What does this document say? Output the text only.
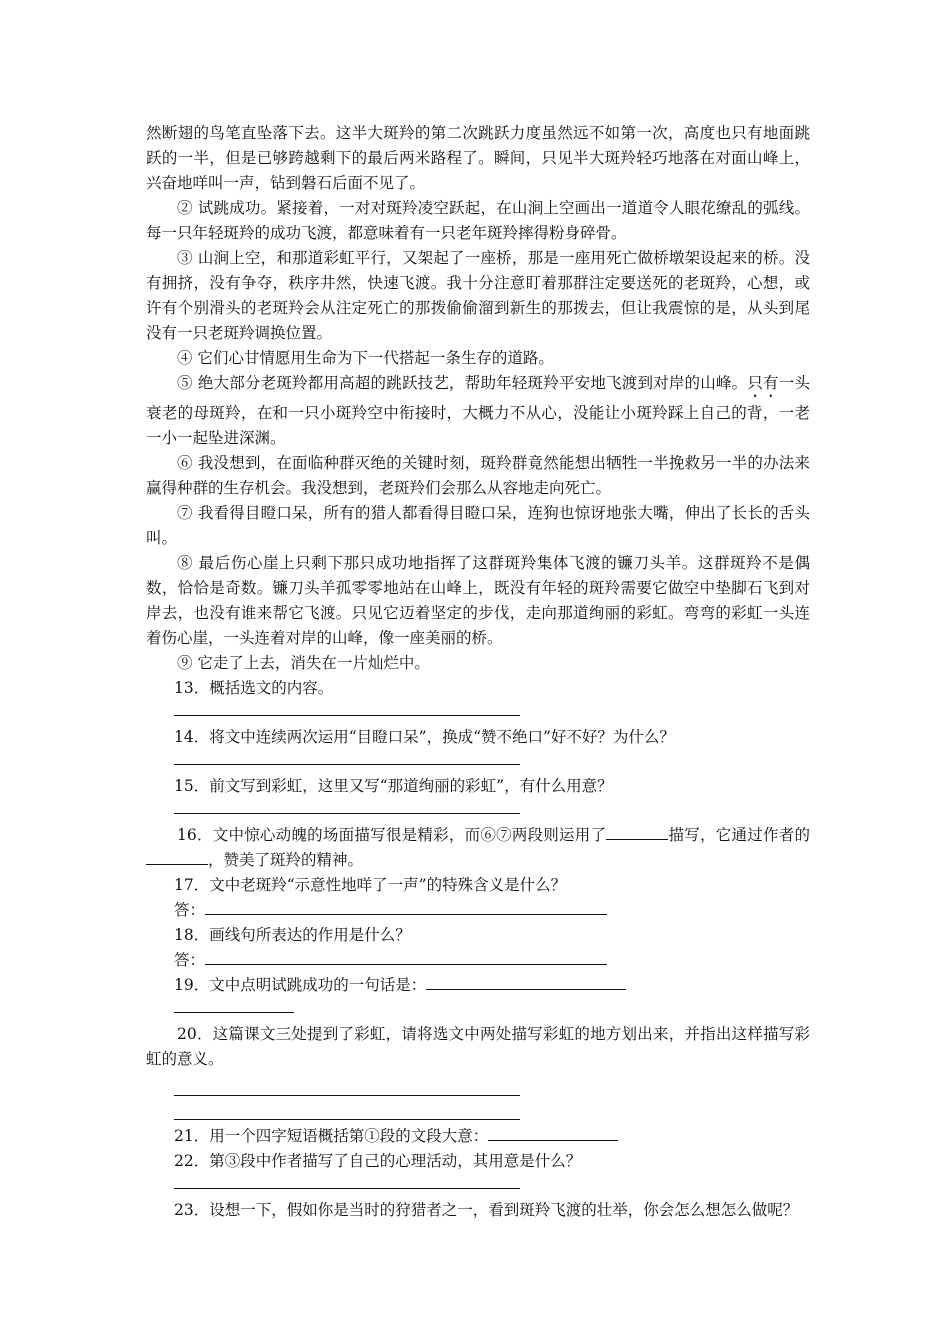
然断翅的鸟笔直坠落下去。这半大斑羚的第二次跳跃力度虽然远不如第一次，高度也只有地面跳跃的一半，但是已够跨越剩下的最后两米路程了。瞬间，只见半大斑羚轻巧地落在对面山峰上，兴奋地咩叫一声，钻到磐石后面不见了。

② 试跳成功。紧接着，一对对斑羚凌空跃起，在山涧上空画出一道道令人眼花缭乱的弧线。每一只年轻斑羚的成功飞渡，都意味着有一只老年斑羚摔得粉身碎骨。

③ 山涧上空，和那道彩虹平行，又架起了一座桥，那是一座用死亡做桥墩架设起来的桥。没有拥挤，没有争夺，秩序井然，快速飞渡。我十分注意盯着那群注定要送死的老斑羚，心想，或许有个别滑头的老斑羚会从注定死亡的那拨偷偷溜到新生的那拨去，但让我震惊的是，从头到尾没有一只老斑羚调换位置。

④ 它们心甘情愿用生命为下一代搭起一条生存的道路。

⑤ 绝大部分老斑羚都用高超的跳跃技艺，帮助年轻斑羚平安地飞渡到对岸的山峰。只有一头衰老的母斑羚，在和一只小斑羚空中衔接时，大概力不从心，没能让小斑羚踩上自己的背，一老一小一起坠进深渊。

⑥ 我没想到，在面临种群灭绝的关键时刻，斑羚群竟然能想出牺牲一半挽救另一半的办法来赢得种群的生存机会。我没想到，老斑羚们会那么从容地走向死亡。

⑦ 我看得目瞪口呆，所有的猎人都看得目瞪口呆，连狗也惊讶地张大嘴，伸出了长长的舌头叫。

⑧ 最后伤心崖上只剩下那只成功地指挥了这群斑羚集体飞渡的镰刀头羊。这群斑羚不是偶数，恰恰是奇数。镰刀头羊孤零零地站在山峰上，既没有年轻的斑羚需要它做空中垫脚石飞到对岸去，也没有谁来帮它飞渡。只见它迈着坚定的步伐，走向那道绚丽的彩虹。弯弯的彩虹一头连着伤心崖，一头连着对岸的山峰，像一座美丽的桥。

⑨ 它走了上去，消失在一片灿烂中。

13．概括选文的内容。

14．将文中连续两次运用“目瞪口呆”，换成“赞不绝口”好不好？为什么？

15．前文写到彩虹，这里又写“那道绚丽的彩虹”，有什么用意？

16．文中惊心动魄的场面描写很是精彩，而⑥⑦两段则运用了	描写，它通过作者的，赞美了斑羚的精神。

17．文中老斑羚“示意性地咩了一声”的特殊含义是什么？

答：

18．画线句所表达的作用是什么？

答：

19．文中点明试跳成功的一句话是：

20．这篇课文三处提到了彩虹，请将选文中两处描写彩虹的地方划出来，并指出这样描写彩虹的意义。

21．用一个四字短语概括第①段的文段大意：

22．第③段中作者描写了自己的心理活动，其用意是什么？

23．设想一下，假如你是当时的狩猎者之一，看到斑羚飞渡的壮举，你会怎么想怎么做呢？
